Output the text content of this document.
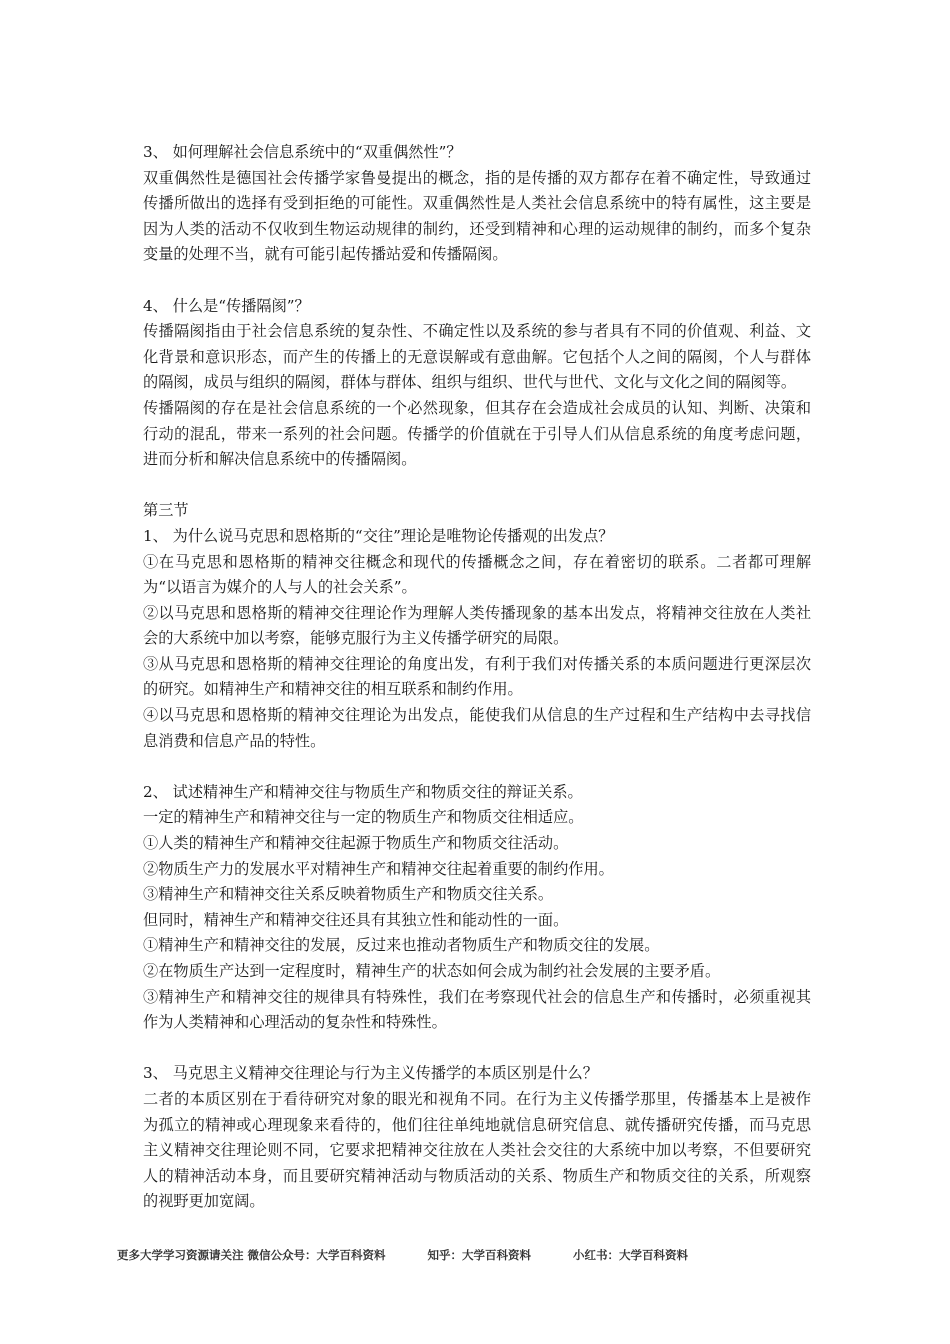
3、 如何理解社会信息系统中的“双重偶然性”？

双重偶然性是德国社会传播学家鲁曼提出的概念，指的是传播的双方都存在着不确定性，导致通过传播所做出的选择有受到拒绝的可能性。双重偶然性是人类社会信息系统中的特有属性，这主要是因为人类的活动不仅收到生物运动规律的制约，还受到精神和心理的运动规律的制约，而多个复杂变量的处理不当，就有可能引起传播站爱和传播隔阂。

4、 什么是“传播隔阂”？

传播隔阂指由于社会信息系统的复杂性、不确定性以及系统的参与者具有不同的价值观、利益、文化背景和意识形态，而产生的传播上的无意误解或有意曲解。它包括个人之间的隔阂，个人与群体的隔阂，成员与组织的隔阂，群体与群体、组织与组织、世代与世代、文化与文化之间的隔阂等。

传播隔阂的存在是社会信息系统的一个必然现象，但其存在会造成社会成员的认知、判断、决策和行动的混乱，带来一系列的社会问题。传播学的价值就在于引导人们从信息系统的角度考虑问题，进而分析和解决信息系统中的传播隔阂。

第三节

1、 为什么说马克思和恩格斯的“交往”理论是唯物论传播观的出发点？

①在马克思和恩格斯的精神交往概念和现代的传播概念之间，存在着密切的联系。二者都可理解为“以语言为媒介的人与人的社会关系”。

②以马克思和恩格斯的精神交往理论作为理解人类传播现象的基本出发点，将精神交往放在人类社会的大系统中加以考察，能够克服行为主义传播学研究的局限。

③从马克思和恩格斯的精神交往理论的角度出发，有利于我们对传播关系的本质问题进行更深层次的研究。如精神生产和精神交往的相互联系和制约作用。

④以马克思和恩格斯的精神交往理论为出发点，能使我们从信息的生产过程和生产结构中去寻找信息消费和信息产品的特性。

2、 试述精神生产和精神交往与物质生产和物质交往的辩证关系。

一定的精神生产和精神交往与一定的物质生产和物质交往相适应。

①人类的精神生产和精神交往起源于物质生产和物质交往活动。

②物质生产力的发展水平对精神生产和精神交往起着重要的制约作用。

③精神生产和精神交往关系反映着物质生产和物质交往关系。

但同时，精神生产和精神交往还具有其独立性和能动性的一面。

①精神生产和精神交往的发展，反过来也推动者物质生产和物质交往的发展。

②在物质生产达到一定程度时，精神生产的状态如何会成为制约社会发展的主要矛盾。

③精神生产和精神交往的规律具有特殊性，我们在考察现代社会的信息生产和传播时，必须重视其作为人类精神和心理活动的复杂性和特殊性。

3、 马克思主义精神交往理论与行为主义传播学的本质区别是什么？

二者的本质区别在于看待研究对象的眼光和视角不同。在行为主义传播学那里，传播基本上是被作为孤立的精神或心理现象来看待的，他们往往单纯地就信息研究信息、就传播研究传播，而马克思主义精神交往理论则不同，它要求把精神交往放在人类社会交往的大系统中加以考察，不但要研究人的精神活动本身，而且要研究精神活动与物质活动的关系、物质生产和物质交往的关系，所观察的视野更加宽阔。

更多大学学习资源请关注 微信公众号：大学百科资料	知乎：大学百科资料	小红书：大学百科资料
